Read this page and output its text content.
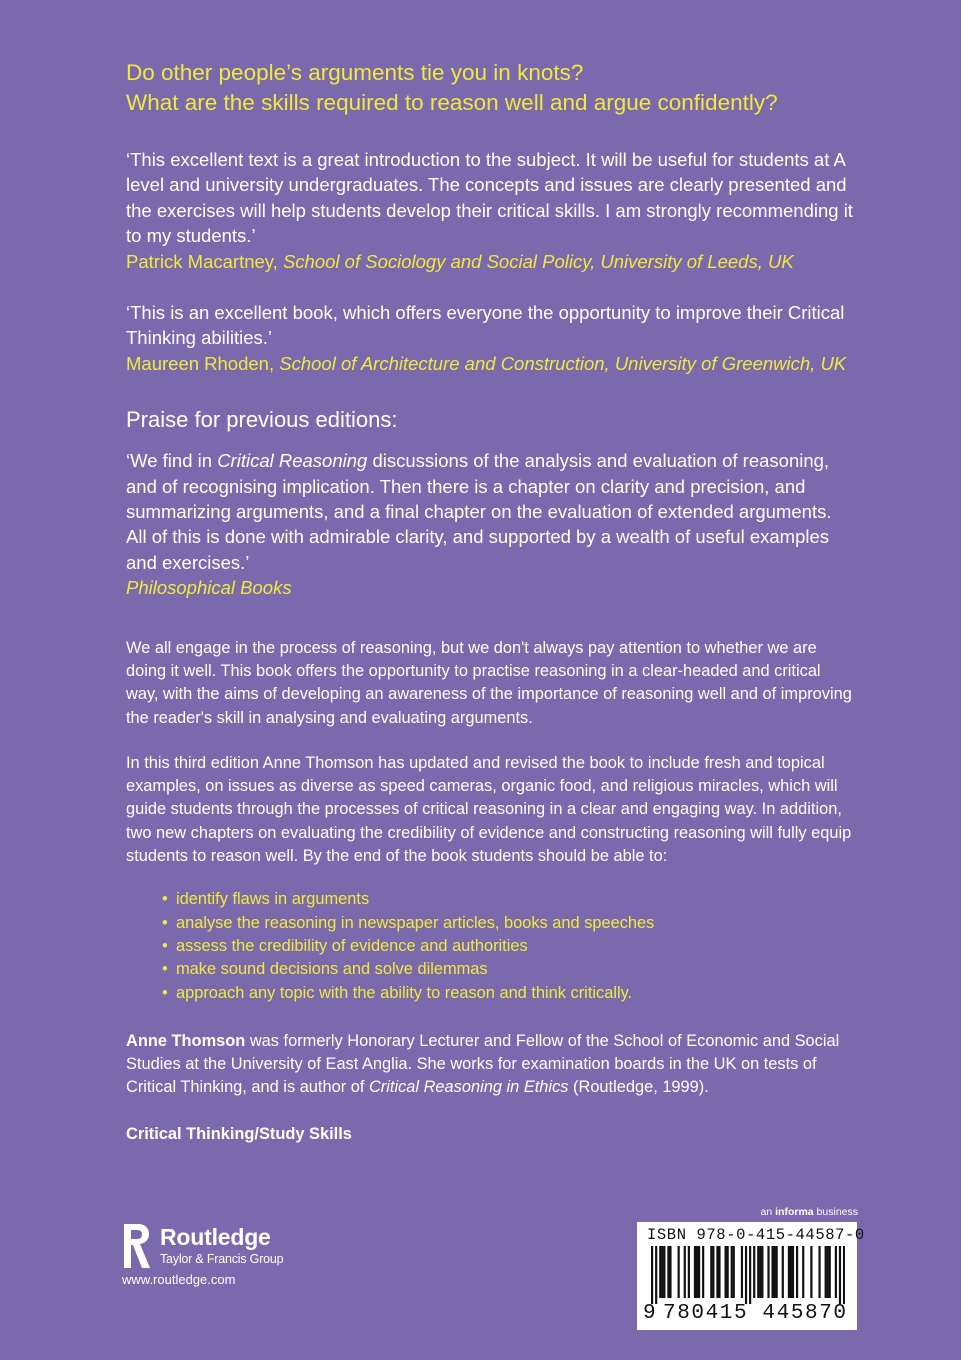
Do other people’s arguments tie you in knots?

What are the skills required to reason well and argue confidently?

‘This excellent text is a great introduction to the subject. It will be useful for students at A level and university undergraduates. The concepts and issues are clearly presented and the exercises will help students develop their critical skills. I am strongly recommending it to my students.’

Patrick Macartney, School of Sociology and Social Policy, University of Leeds, UK

‘This is an excellent book, which offers everyone the opportunity to improve their Critical Thinking abilities.’

Maureen Rhoden, School of Architecture and Construction, University of Greenwich, UK

Praise for previous editions:

‘We find in Critical Reasoning discussions of the analysis and evaluation of reasoning, and of recognising implication. Then there is a chapter on clarity and precision, and summarizing arguments, and a final chapter on the evaluation of extended arguments. All of this is done with admirable clarity, and supported by a wealth of useful examples and exercises.’

Philosophical Books

We all engage in the process of reasoning, but we don't always pay attention to whether we are doing it well. This book offers the opportunity to practise reasoning in a clear-headed and critical way, with the aims of developing an awareness of the importance of reasoning well and of improving the reader's skill in analysing and evaluating arguments.

In this third edition Anne Thomson has updated and revised the book to include fresh and topical examples, on issues as diverse as speed cameras, organic food, and religious miracles, which will guide students through the processes of critical reasoning in a clear and engaging way. In addition, two new chapters on evaluating the credibility of evidence and constructing reasoning will fully equip students to reason well. By the end of the book students should be able to:

• identify flaws in arguments
• analyse the reasoning in newspaper articles, books and speeches
• assess the credibility of evidence and authorities
• make sound decisions and solve dilemmas
• approach any topic with the ability to reason and think critically.

Anne Thomson was formerly Honorary Lecturer and Fellow of the School of Economic and Social Studies at the University of East Anglia. She works for examination boards in the UK on tests of Critical Thinking, and is author of Critical Reasoning in Ethics (Routledge, 1999).

Critical Thinking/Study Skills

Routledge
Taylor & Francis Group
www.routledge.com
an informa business
ISBN 978-0-415-44587-0
9 780415 445870
